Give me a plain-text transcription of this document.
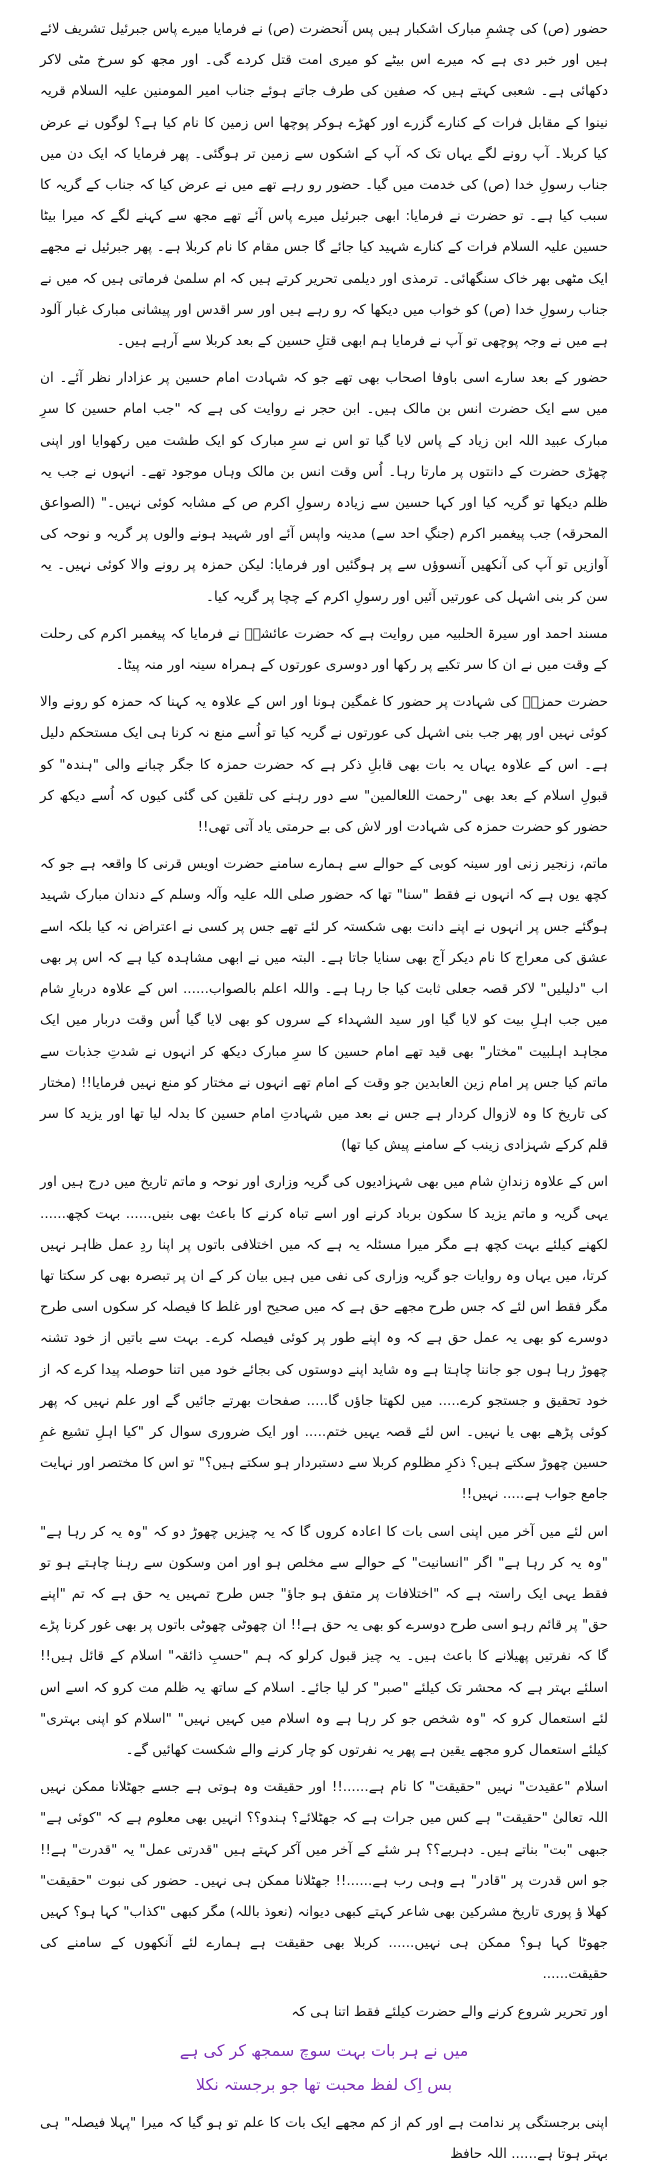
حضور (ص) کی چشمِ مبارک اشکبار ہیں پس آنحضرت (ص) نے فرمایا میرے پاس جبرئیل تشریف لائے ہیں اور خبر دی ہے کہ میرے اس بیٹے کو میری امت قتل کردے گی۔ اور مجھ کو سرخ مٹی لاکر دکھائی ہے۔ شعبی کہتے ہیں کہ صفین کی طرف جاتے ہوئے جناب امیر المومنین علیہ السلام قریہ نینوا کے مقابل فرات کے کنارے گزرے اور کھڑے ہوکر پوچھا اس زمین کا نام کیا ہے؟ لوگوں نے عرض کیا کربلا۔ آپ رونے لگے یہاں تک کہ آپ کے اشکوں سے زمین تر ہوگئی۔ پھر فرمایا کہ ایک دن میں جناب رسولِ خدا (ص) کی خدمت میں گیا۔ حضور رو رہے تھے میں نے عرض کیا کہ جناب کے گریہ کا سبب کیا ہے۔ تو حضرت نے فرمایا: ابھی جبرئیل میرے پاس آئے تھے مجھ سے کہنے لگے کہ میرا بیٹا حسین علیہ السلام فرات کے کنارے شہید کیا جائے گا جس مقام کا نام کربلا ہے۔ پھر جبرئیل نے مجھے ایک مٹھی بھر خاک سنگھائی۔ ترمذی اور دیلمی تحریر کرتے ہیں کہ ام سلمیٰ فرماتی ہیں کہ میں نے جناب رسولِ خدا (ص) کو خواب میں دیکھا کہ رو رہے ہیں اور سر اقدس اور پیشانی مبارک غبار آلود ہے میں نے وجہ پوچھی تو آپ نے فرمایا ہم ابھی قتلِ حسین کے بعد کربلا سے آرہے ہیں۔

حضور کے بعد سارے اسی باوفا اصحاب بھی تھے جو کہ شہادت امام حسین پر عزادار نظر آئے۔ ان میں سے ایک حضرت انس بن مالک ہیں۔ ابن حجر نے روایت کی ہے کہ "جب امام حسین کا سرِ مبارک عبید اللہ ابن زیاد کے پاس لایا گیا تو اس نے سرِ مبارک کو ایک طشت میں رکھوایا اور اپنی چھڑی حضرت کے دانتوں پر مارتا رہا۔ اُس وقت انس بن مالک وہاں موجود تھے۔ انہوں نے جب یہ ظلم دیکھا تو گریہ کیا اور کہا حسین سے زیادہ رسولِ اکرم ص کے مشابہ کوئی نہیں۔" (الصواعق المحرقہ) جب پیغمبر اکرم (جنگِ احد سے) مدینہ واپس آئے اور شہید ہونے والوں پر گریہ و نوحہ کی آوازیں تو آپ کی آنکھیں آنسوؤں سے پر ہوگئیں اور فرمایا: لیکن حمزہ پر رونے والا کوئی نہیں۔ یہ سن کر بنی اشہل کی عورتیں آئیں اور رسولِ اکرم کے چچا پر گریہ کیا۔

مسند احمد اور سیرۃ الحلبیہ میں روایت ہے کہ حضرت عائشہؓ نے فرمایا کہ پیغمبر اکرم کی رحلت کے وقت میں نے ان کا سر تکیے پر رکھا اور دوسری عورتوں کے ہمراہ سینہ اور منہ پیٹا۔

حضرت حمزہؓ کی شہادت پر حضور کا غمگین ہونا اور اس کے علاوہ یہ کہنا کہ حمزہ کو رونے والا کوئی نہیں اور پھر جب بنی اشہل کی عورتوں نے گریہ کیا تو اُسے منع نہ کرنا ہی ایک مستحکم دلیل ہے۔ اس کے علاوہ یہاں یہ بات بھی قابلِ ذکر ہے کہ حضرت حمزہ کا جگر چبانے والی "ہندہ" کو قبولِ اسلام کے بعد بھی "رحمت اللعالمین" سے دور رہنے کی تلقین کی گئی کیوں کہ اُسے دیکھ کر حضور کو حضرت حمزہ کی شہادت اور لاش کی بے حرمتی یاد آتی تھی!!

ماتم، زنجیر زنی اور سینہ کوبی کے حوالے سے ہمارے سامنے حضرت اویس قرنی کا واقعہ ہے جو کہ کچھ یوں ہے کہ انہوں نے فقط "سنا" تھا کہ حضور صلی اللہ علیہ وآلہ وسلم کے دندان مبارک شہید ہوگئے جس پر انہوں نے اپنے دانت بھی شکستہ کر لئے تھے جس پر کسی نے اعتراض نہ کیا بلکہ اسے عشق کی معراج کا نام دیکر آج بھی سنایا جاتا ہے۔ البتہ میں نے ابھی مشاہدہ کیا ہے کہ اس پر بھی اب "دلیلیں" لاکر قصہ جعلی ثابت کیا جا رہا ہے۔ واللہ اعلم بالصواب...... اس کے علاوہ دربارِ شام میں جب اہلِ بیت کو لایا گیا اور سید الشہداء کے سروں کو بھی لایا گیا اُس وقت دربار میں ایک مجاہد اہلبیت "مختار" بھی قید تھے امام حسین کا سرِ مبارک دیکھ کر انہوں نے شدتِ جذبات سے ماتم کیا جس پر امام زین العابدین جو وقت کے امام تھے انہوں نے مختار کو منع نہیں فرمایا!! (مختار کی تاریخ کا وہ لازوال کردار ہے جس نے بعد میں شہادتِ امام حسین کا بدلہ لیا تھا اور یزید کا سر قلم کرکے شہزادی زینب کے سامنے پیش کیا تھا)

اس کے علاوہ زندانِ شام میں بھی شہزادیوں کی گریہ وزاری اور نوحہ و ماتم تاریخ میں درج ہیں اور یہی گریہ و ماتم یزید کا سکون برباد کرنے اور اسے تباہ کرنے کا باعث بھی بنیں...... بہت کچھ...... لکھنے کیلئے بہت کچھ ہے مگر میرا مسئلہ یہ ہے کہ میں اختلافی باتوں پر اپنا ردِ عمل ظاہر نہیں کرتا، میں یہاں وہ روایات جو گریہ وزاری کی نفی میں ہیں بیان کر کے ان پر تبصرہ بھی کر سکتا تھا مگر فقط اس لئے کہ جس طرح مجھے حق ہے کہ میں صحیح اور غلط کا فیصلہ کر سکوں اسی طرح دوسرے کو بھی یہ عمل حق ہے کہ وہ اپنے طور پر کوئی فیصلہ کرے۔ بہت سے باتیں از خود تشنہ چھوڑ رہا ہوں جو جاننا چاہتا ہے وہ شاید اپنے دوستوں کی بجائے خود میں اتنا حوصلہ پیدا کرے کہ از خود تحقیق و جستجو کرے..... میں لکھتا جاؤں گا..... صفحات بھرتے جائیں گے اور علم نہیں کہ پھر کوئی پڑھے بھی یا نہیں۔ اس لئے قصہ یہیں ختم..... اور ایک ضروری سوال کر "کیا اہلِ تشیع غمِ حسین چھوڑ سکتے ہیں؟ ذکرِ مظلوم کربلا سے دستبردار ہو سکتے ہیں؟" تو اس کا مختصر اور نہایت جامع جواب ہے..... نہیں!!

اس لئے میں آخر میں اپنی اسی بات کا اعادہ کروں گا کہ یہ چیزیں چھوڑ دو کہ "وہ یہ کر رہا ہے" "وہ یہ کر رہا ہے" اگر "انسانیت" کے حوالے سے مخلص ہو اور امن وسکون سے رہنا چاہتے ہو تو فقط یہی ایک راستہ ہے کہ "اختلافات پر متفق ہو جاؤ" جس طرح تمہیں یہ حق ہے کہ تم "اپنے حق" پر قائم رہو اسی طرح دوسرے کو بھی یہ حق ہے!! ان چھوٹی چھوٹی باتوں پر بھی غور کرنا پڑے گا کہ نفرتیں پھیلانے کا باعث ہیں۔ یہ چیز قبول کرلو کہ ہم "حسبِ ذائقہ" اسلام کے قائل ہیں!! اسلئے بہتر ہے کہ محشر تک کیلئے "صبر" کر لیا جائے۔ اسلام کے ساتھ یہ ظلم مت کرو کہ اسے اس لئے استعمال کرو کہ "وہ شخص جو کر رہا ہے وہ اسلام میں کہیں نہیں" "اسلام کو اپنی بہتری" کیلئے استعمال کرو مجھے یقین ہے پھر یہ نفرتوں کو چار کرنے والے شکست کھائیں گے۔

اسلام "عقیدت" نہیں "حقیقت" کا نام ہے......!! اور حقیقت وہ ہوتی ہے جسے جھٹلانا ممکن نہیں اللہ تعالیٰ "حقیقت" ہے کس میں جرات ہے کہ جھٹلائے؟ ہندو؟؟ انہیں بھی معلوم ہے کہ "کوئی ہے" جبھی "بت" بناتے ہیں۔ دہریے؟؟ ہر شئے کے آخر میں آکر کہتے ہیں "قدرتی عمل" یہ "قدرت" ہے!! جو اس قدرت پر "قادر" ہے وہی رب ہے......!! جھٹلانا ممکن ہی نہیں۔ حضور کی نبوت "حقیقت" کھلا ؤ پوری تاریخ مشرکین بھی شاعر کہتے کبھی دیوانہ (نعوذ باللہ) مگر کبھی "کذاب" کہا ہو؟ کہیں جھوٹا کہا ہو؟ ممکن ہی نہیں...... کربلا بھی حقیقت ہے ہمارے لئے آنکھوں کے سامنے کی حقیقت......

اور تحریر شروع کرنے والے حضرت کیلئے فقط اتنا ہی کہ

میں نے ہر بات بہت سوچ سمجھ کر کی ہے

بس اِک لفظ محبت تھا جو برجستہ نکلا

اپنی برجستگی پر ندامت ہے اور کم از کم مجھے ایک بات کا علم تو ہو گیا کہ میرا "پہلا فیصلہ" ہی بہتر ہوتا ہے...... اللہ حافظ
